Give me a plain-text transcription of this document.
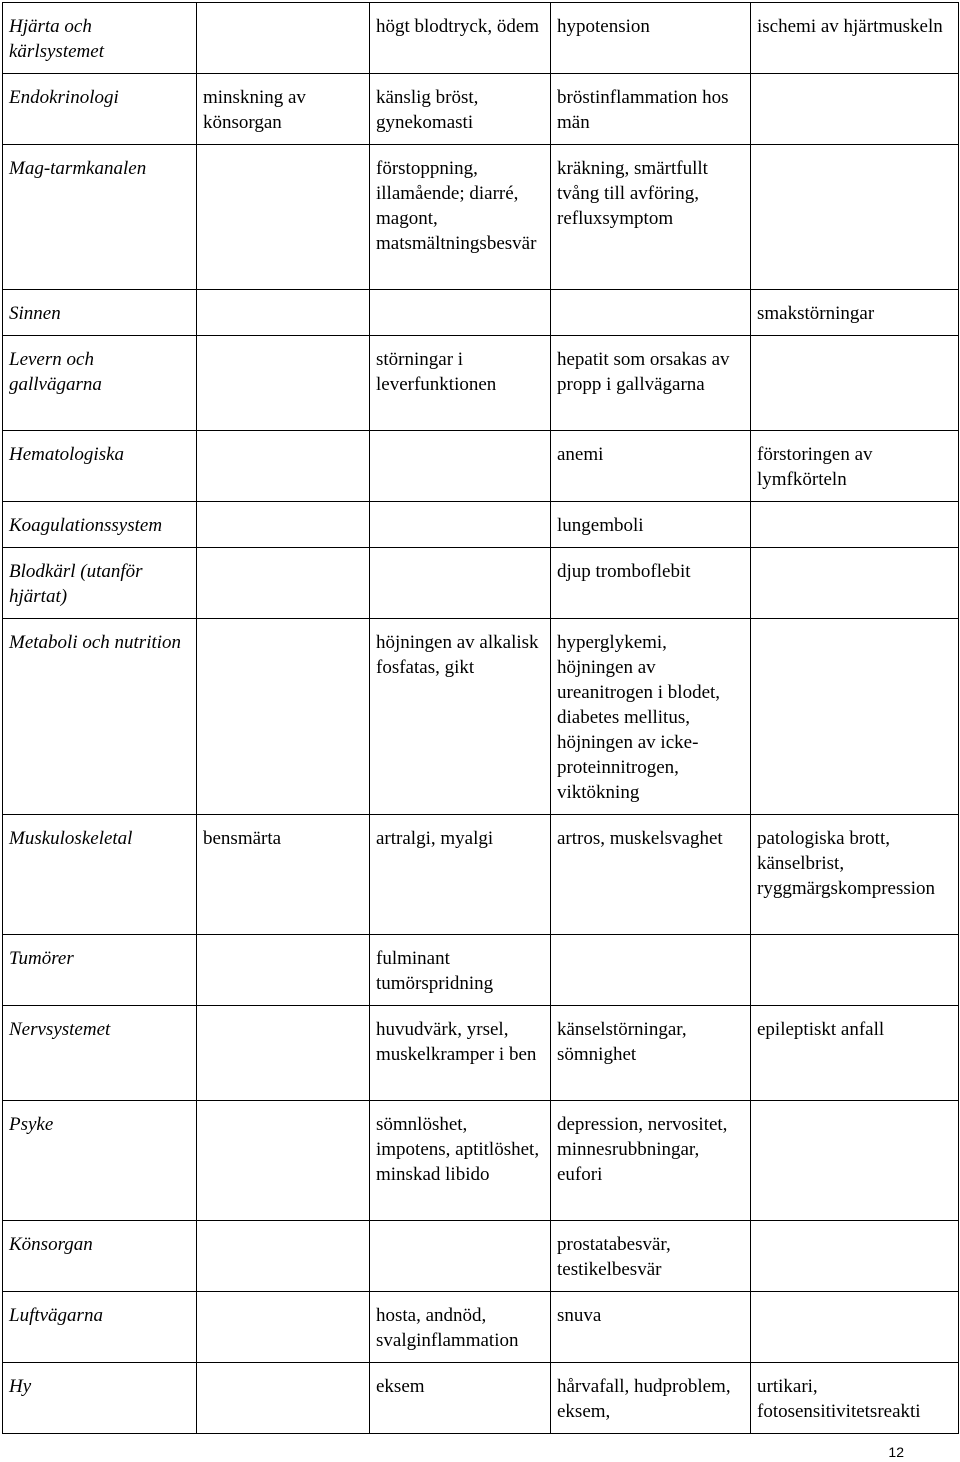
Hjärta och kärlsystemet		högt blodtryck, ödem	hypotension	ischemi av hjärtmuskeln
Endokrinologi	minskning av könsorgan	känslig bröst, gynekomasti	bröstinflammation hos män	
Mag-tarmkanalen		förstoppning, illamående; diarré, magont, matsmältningsbesvär	kräkning, smärtfullt tvång till avföring, refluxsymptom	
Sinnen				smakstörningar
Levern och gallvägarna		störningar i leverfunktionen	hepatit som orsakas av propp i gallvägarna	
Hematologiska			anemi	förstoringen av lymfkörteln
Koagulationssystem			lungemboli	
Blodkärl (utanför hjärtat)			djup tromboflebit	
Metaboli och nutrition		höjningen av alkalisk fosfatas, gikt	hyperglykemi, höjningen av ureanitrogen i blodet, diabetes mellitus, höjningen av icke-proteinnitrogen, viktökning	
Muskuloskeletal	bensmärta	artralgi, myalgi	artros, muskelsvaghet	patologiska brott, känselbrist, ryggmärgskompression
Tumörer		fulminant tumörspridning		
Nervsystemet		huvudvärk, yrsel, muskelkramper i ben	känselstörningar, sömnighet	epileptiskt anfall
Psyke		sömnlöshet, impotens, aptitlöshet, minskad libido	depression, nervositet, minnesrubbningar, eufori	
Könsorgan			prostatabesvär, testikelbesvär	
Luftvägarna		hosta, andnöd, svalginflammation	snuva	
Hy		eksem	hårvafall, hudproblem, eksem,	urtikari, fotosensitivitetsreakti
12
